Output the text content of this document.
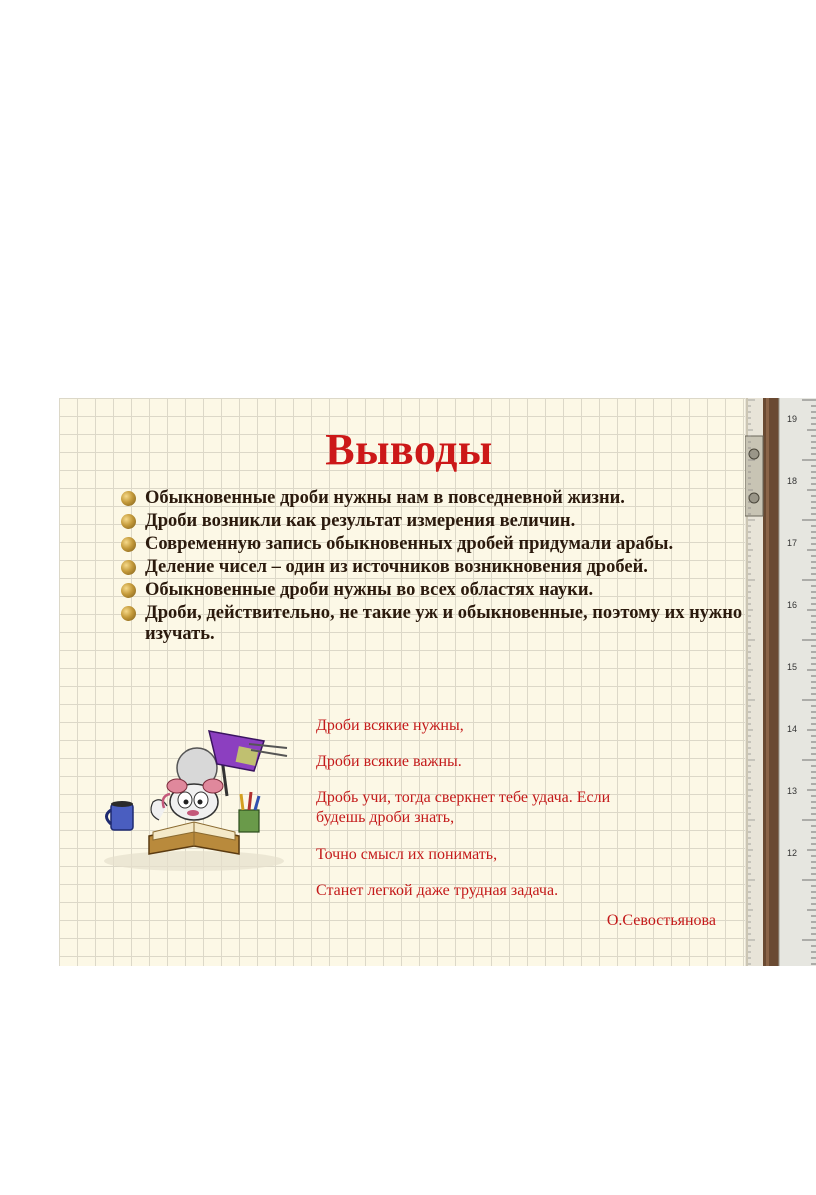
Выводы
Обыкновенные дроби нужны нам в повседневной жизни.
Дроби возникли как результат измерения величин.
Современную запись обыкновенных дробей придумали арабы.
Деление чисел – один из источников возникновения дробей.
Обыкновенные дроби нужны во всех областях науки.
Дроби, действительно, не такие уж и обыкновенные, поэтому их нужно изучать.
Дроби всякие нужны,
Дроби всякие важны.
Дробь учи, тогда сверкнет тебе удача. Если
будешь дроби знать,
Точно смысл их понимать,
Станет легкой даже трудная задача.
О.Севостьянова
19
18
17
16
15
14
13
12
